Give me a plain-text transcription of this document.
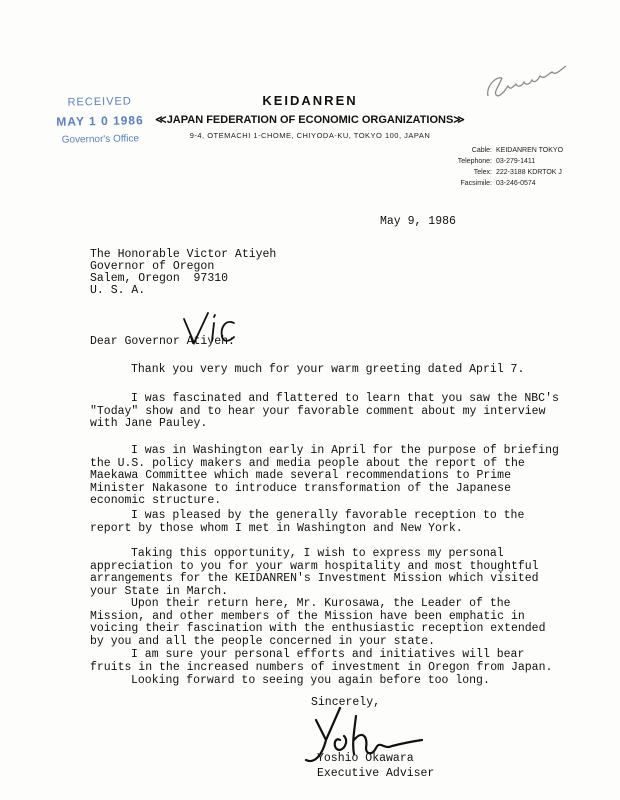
RECEIVED
MAY 1 0 1986
Governor's Office
KEIDANREN
≪JAPAN FEDERATION OF ECONOMIC ORGANIZATIONS≫
9-4, OTEMACHI 1-CHOME, CHIYODA-KU, TOKYO 100, JAPAN
Cable: KEIDANREN TOKYO
Telephone: 03-279-1411
Telex: 222-3188 KDRTOK J
Facsimile: 03-246-0574
May 9, 1986
The Honorable Victor Atiyeh
Governor of Oregon
Salem, Oregon  97310
U. S. A.
Dear Governor Atiyeh:
Thank you very much for your warm greeting dated April 7.
I was fascinated and flattered to learn that you saw the NBC's "Today" show and to hear your favorable comment about my interview with Jane Pauley.
I was in Washington early in April for the purpose of briefing the U.S. policy makers and media people about the report of the Maekawa Committee which made several recommendations to Prime Minister Nakasone to introduce transformation of the Japanese economic structure.
I was pleased by the generally favorable reception to the report by those whom I met in Washington and New York.
Taking this opportunity, I wish to express my personal appreciation to you for your warm hospitality and most thoughtful arrangements for the KEIDANREN's Investment Mission which visited your State in March.
Upon their return here, Mr. Kurosawa, the Leader of the Mission, and other members of the Mission have been emphatic in voicing their fascination with the enthusiastic reception extended by you and all the people concerned in your state.
I am sure your personal efforts and initiatives will bear fruits in the increased numbers of investment in Oregon from Japan.
Looking forward to seeing you again before too long.
Sincerely,
Yoshio Okawara
Executive Adviser
